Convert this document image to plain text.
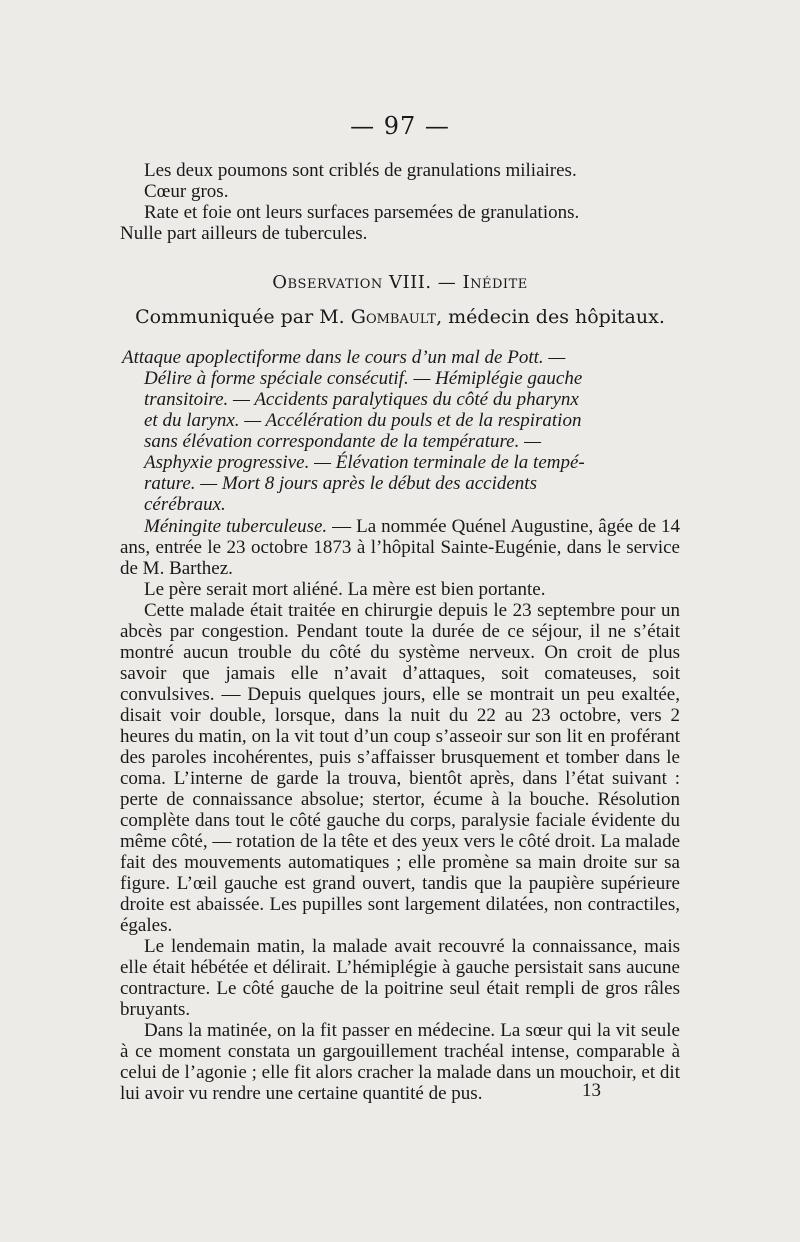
— 97 —

Les deux poumons sont criblés de granulations miliaires.

Cœur gros.

Rate et foie ont leurs surfaces parsemées de granulations.

Nulle part ailleurs de tubercules.

Observation VIII. — Inédite
Communiquée par M. Gombault, médecin des hôpitaux.
Attaque apoplectiforme dans le cours d’un mal de Pott. —
Délire à forme spéciale consécutif. — Hémiplégie gauche
transitoire. — Accidents paralytiques du côté du pharynx
et du larynx. — Accélération du pouls et de la respiration
sans élévation correspondante de la température. —
Asphyxie progressive. — Élévation terminale de la tempé-
rature. — Mort 8 jours après le début des accidents
cérébraux.

Méningite tuberculeuse. — La nommée Quénel Augustine, âgée de 14 ans, entrée le 23 octobre 1873 à l’hôpital Sainte-Eugénie, dans le service de M. Barthez.

Le père serait mort aliéné. La mère est bien portante.

Cette malade était traitée en chirurgie depuis le 23 septembre pour un abcès par congestion. Pendant toute la durée de ce séjour, il ne s’était montré aucun trouble du côté du système nerveux. On croit de plus savoir que jamais elle n’avait d’attaques, soit comateuses, soit convulsives. — Depuis quelques jours, elle se montrait un peu exaltée, disait voir double, lorsque, dans la nuit du 22 au 23 octobre, vers 2 heures du matin, on la vit tout d’un coup s’asseoir sur son lit en proférant des paroles incohérentes, puis s’affaisser brusquement et tomber dans le coma. L’interne de garde la trouva, bientôt après, dans l’état suivant : perte de connaissance absolue; stertor, écume à la bouche. Résolution complète dans tout le côté gauche du corps, paralysie faciale évidente du même côté, — rotation de la tête et des yeux vers le côté droit. La malade fait des mouvements automatiques ; elle promène sa main droite sur sa figure. L’œil gauche est grand ouvert, tandis que la paupière supérieure droite est abaissée. Les pupilles sont largement dilatées, non contractiles, égales.

Le lendemain matin, la malade avait recouvré la connaissance, mais elle était hébétée et délirait. L’hémiplégie à gauche persistait sans aucune contracture. Le côté gauche de la poitrine seul était rempli de gros râles bruyants.

Dans la matinée, on la fit passer en médecine. La sœur qui la vit seule à ce moment constata un gargouillement trachéal intense, comparable à celui de l’agonie ; elle fit alors cracher la malade dans un mouchoir, et dit lui avoir vu rendre une certaine quantité de pus.	13
